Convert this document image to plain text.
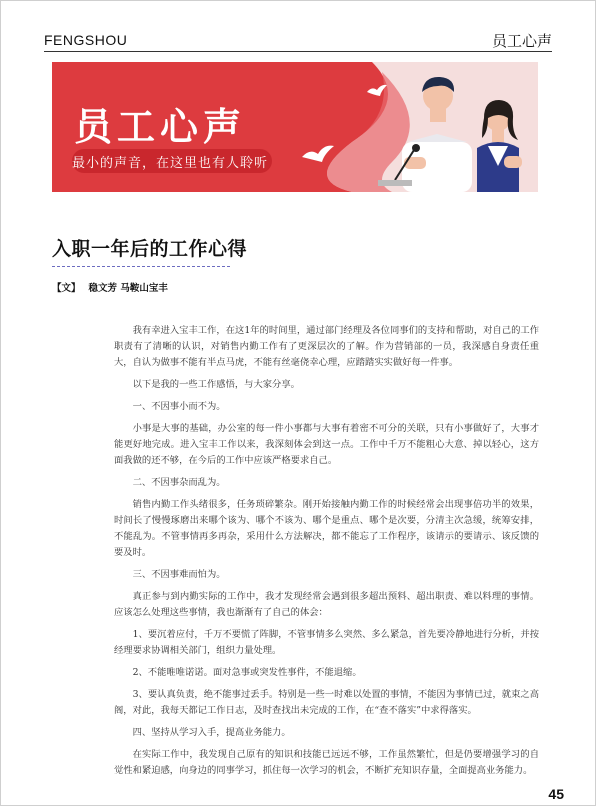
FENGSHOU	员工心声
员工心声
最小的声音，在这里也有人聆听
入职一年后的工作心得
【文】 稳文芳 马鞍山宝丰

我有幸进入宝丰工作，在这1年的时间里，通过部门经理及各位同事们的支持和帮助，对自己的工作职责有了清晰的认识，对销售内勤工作有了更深层次的了解。作为营销部的一员，我深感自身责任重大，自认为做事不能有半点马虎，不能有丝毫侥幸心理，应踏踏实实做好每一件事。

以下是我的一些工作感悟，与大家分享。

一、不因事小而不为。

小事是大事的基础，办公室的每一件小事都与大事有着密不可分的关联，只有小事做好了，大事才能更好地完成。进入宝丰工作以来，我深刻体会到这一点。工作中千万不能粗心大意、掉以轻心，这方面我做的还不够，在今后的工作中应该严格要求自己。

二、不因事杂而乱为。

销售内勤工作头绪很多，任务琐碎繁杂。刚开始接触内勤工作的时候经常会出现事倍功半的效果，时间长了慢慢琢磨出来哪个该为、哪个不该为、哪个是重点、哪个是次要，分清主次急缓，统筹安排，不能乱为。不管事情再多再杂，采用什么方法解决，都不能忘了工作程序，该请示的要请示、该反馈的要及时。

三、不因事难而怕为。

真正参与到内勤实际的工作中，我才发现经常会遇到很多超出预料、超出职责、难以料理的事情。应该怎么处理这些事情，我也渐渐有了自己的体会：

1、要沉着应付，千万不要慌了阵脚，不管事情多么突然、多么紧急，首先要冷静地进行分析，并按经理要求协调相关部门，组织力量处理。

2、不能唯唯诺诺。面对急事或突发性事件，不能退缩。

3、要认真负责，绝不能事过丢手。特别是一些一时难以处置的事情，不能因为事情已过，就束之高阁，对此，我每天都记工作日志，及时查找出未完成的工作，在“查不落实”中求得落实。

四、坚持从学习入手，提高业务能力。

在实际工作中，我发现自己原有的知识和技能已远远不够，工作虽然繁忙，但是仍要增强学习的自觉性和紧迫感，向身边的同事学习，抓住每一次学习的机会，不断扩充知识存量，全面提高业务能力。

45
